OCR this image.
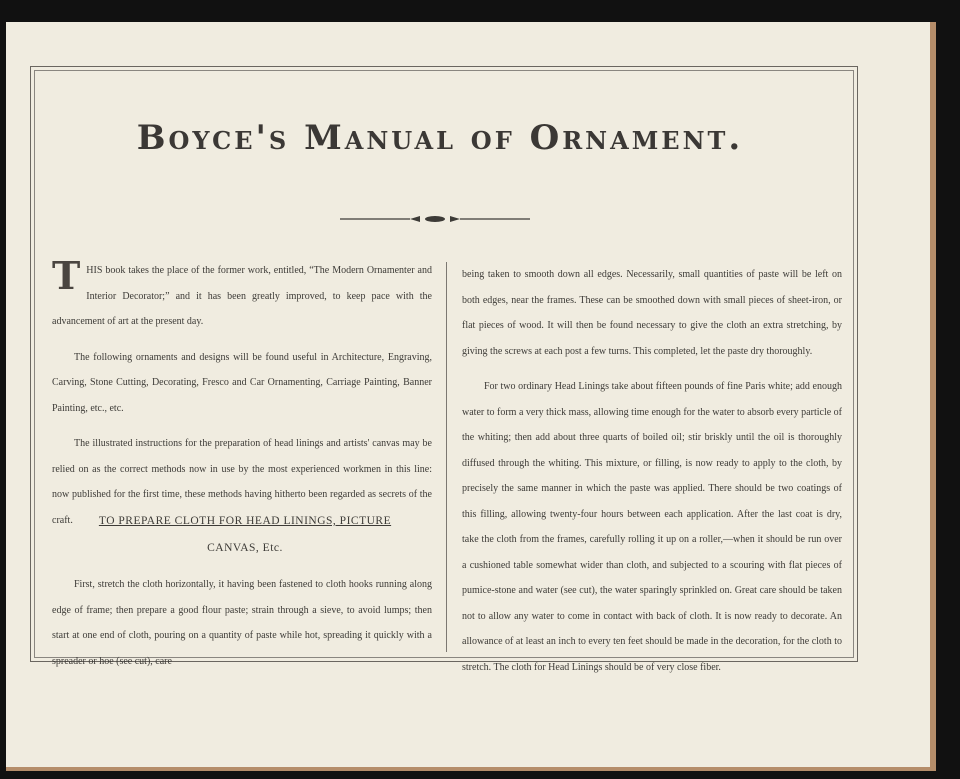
Boyce's Manual of Ornament.

T HIS book takes the place of the former work, entitled, “The Modern Ornamenter and Interior Decorator;” and it has been greatly improved, to keep pace with the advancement of art at the present day.

The following ornaments and designs will be found useful in Architecture, Engraving, Carving, Stone Cutting, Decorating, Fresco and Car Ornamenting, Carriage Painting, Banner Painting, etc., etc.

The illustrated instructions for the preparation of head linings and artists' canvas may be relied on as the correct methods now in use by the most experienced workmen in this line: now published for the first time, these methods having hitherto been regarded as secrets of the craft.	TO PREPARE CLOTH FOR HEAD LININGS, PICTURE
CANVAS, Etc.

First, stretch the cloth horizontally, it having been fastened to cloth hooks running along edge of frame; then prepare a good flour paste; strain through a sieve, to avoid lumps; then start at one end of cloth, pouring on a quantity of paste while hot, spreading it quickly with a spreader or hoe (see cut), care

being taken to smooth down all edges. Necessarily, small quantities of paste will be left on both edges, near the frames. These can be smoothed down with small pieces of sheet-iron, or flat pieces of wood. It will then be found necessary to give the cloth an extra stretching, by giving the screws at each post a few turns. This completed, let the paste dry thoroughly.

For two ordinary Head Linings take about fifteen pounds of fine Paris white; add enough water to form a very thick mass, allowing time enough for the water to absorb every particle of the whiting; then add about three quarts of boiled oil; stir briskly until the oil is thoroughly diffused through the whiting. This mixture, or filling, is now ready to apply to the cloth, by precisely the same manner in which the paste was applied. There should be two coatings of this filling, allowing twenty-four hours between each application. After the last coat is dry, take the cloth from the frames, carefully rolling it up on a roller,—when it should be run over a cushioned table somewhat wider than cloth, and subjected to a scouring with flat pieces of pumice-stone and water (see cut), the water sparingly sprinkled on. Great care should be taken not to allow any water to come in contact with back of cloth. It is now ready to decorate. An allowance of at least an inch to every ten feet should be made in the decoration, for the cloth to stretch. The cloth for Head Linings should be of very close fiber.
